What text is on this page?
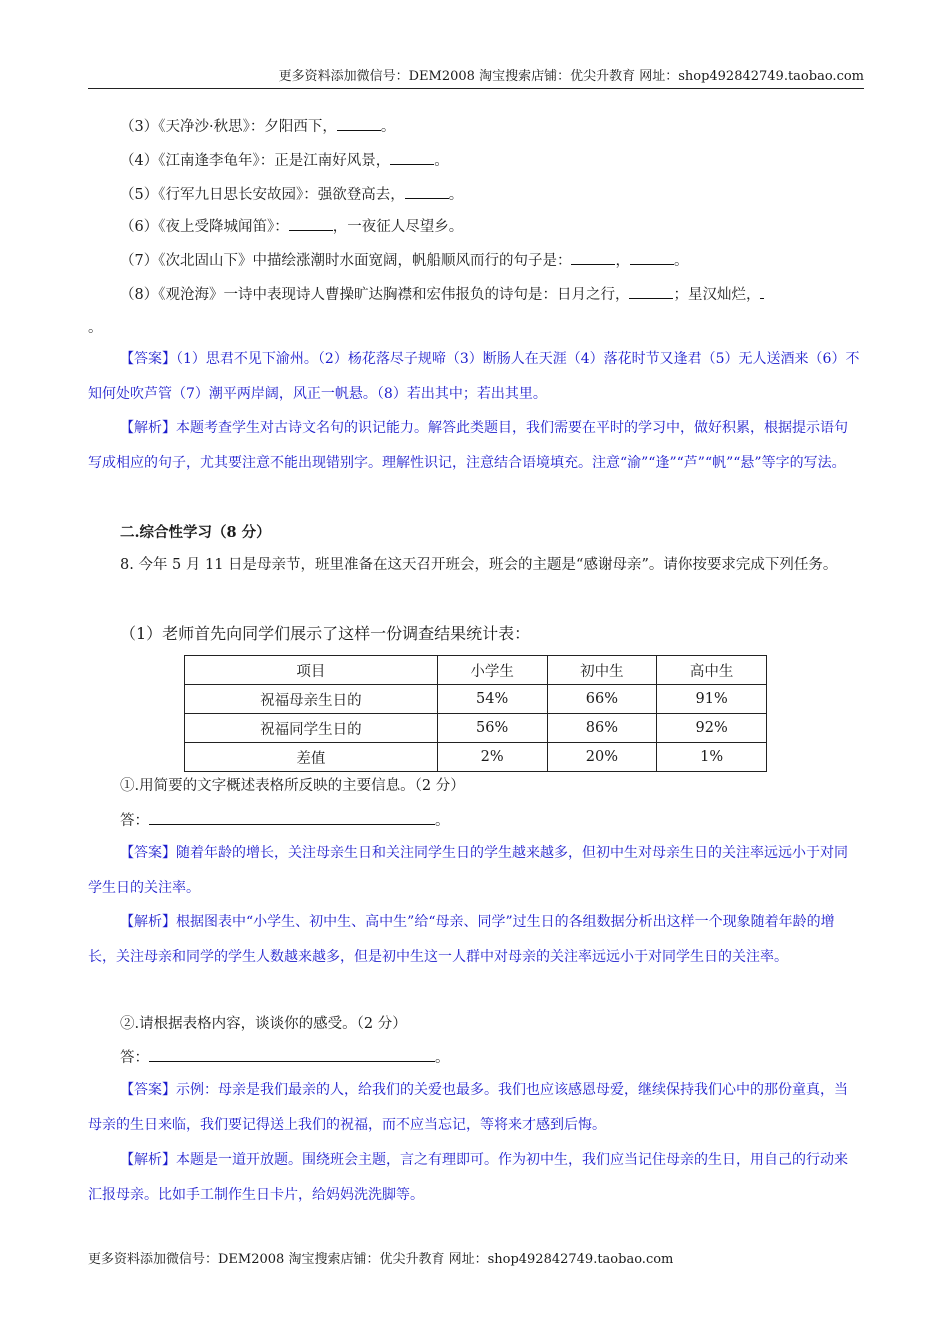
更多资料添加微信号：DEM2008 淘宝搜索店铺：优尖升教育 网址：shop492842749.taobao.com
（3）《天净沙·秋思》：夕阳西下，	。
（4）《江南逢李龟年》：正是江南好风景，	。
（5）《行军九日思长安故园》：强欲登高去，	。
（6）《夜上受降城闻笛》：	，一夜征人尽望乡。
（7）《次北固山下》中描绘涨潮时水面宽阔，帆船顺风而行的句子是：	，	。
（8）《观沧海》一诗中表现诗人曹操旷达胸襟和宏伟报负的诗句是：日月之行，	；星汉灿烂，
。
【答案】（1）思君不见下渝州。（2）杨花落尽子规啼（3）断肠人在天涯（4）落花时节又逢君（5）无人送酒来（6）不知何处吹芦管（7）潮平两岸阔，风正一帆悬。（8）若出其中；若出其里。
【解析】本题考查学生对古诗文名句的识记能力。解答此类题目，我们需要在平时的学习中，做好积累，根据提示语句写成相应的句子，尤其要注意不能出现错别字。理解性识记，注意结合语境填充。注意“渝”“逢”“芦”“帆”“悬”等字的写法。
二.综合性学习（8 分）
8. 今年 5 月 11 日是母亲节，班里准备在这天召开班会，班会的主题是“感谢母亲”。请你按要求完成下列任务。
（1）老师首先向同学们展示了这样一份调查结果统计表：
项目	小学生	初中生	高中生
祝福母亲生日的	54%	66%	91%
祝福同学生日的	56%	86%	92%
差值	2%	20%	1%
①.用简要的文字概述表格所反映的主要信息。（2 分）
答：	。
【答案】随着年龄的增长，关注母亲生日和关注同学生日的学生越来越多，但初中生对母亲生日的关注率远远小于对同学生日的关注率。
【解析】根据图表中“小学生、初中生、高中生”给“母亲、同学”过生日的各组数据分析出这样一个现象随着年龄的增长，关注母亲和同学的学生人数越来越多，但是初中生这一人群中对母亲的关注率远远小于对同学生日的关注率。
②.请根据表格内容，谈谈你的感受。（2 分）
答：	。
【答案】示例：母亲是我们最亲的人，给我们的关爱也最多。我们也应该感恩母爱，继续保持我们心中的那份童真，当母亲的生日来临，我们要记得送上我们的祝福，而不应当忘记，等将来才感到后悔。
【解析】本题是一道开放题。围绕班会主题，言之有理即可。作为初中生，我们应当记住母亲的生日，用自己的行动来汇报母亲。比如手工制作生日卡片，给妈妈洗洗脚等。
更多资料添加微信号：DEM2008 淘宝搜索店铺：优尖升教育 网址：shop492842749.taobao.com
